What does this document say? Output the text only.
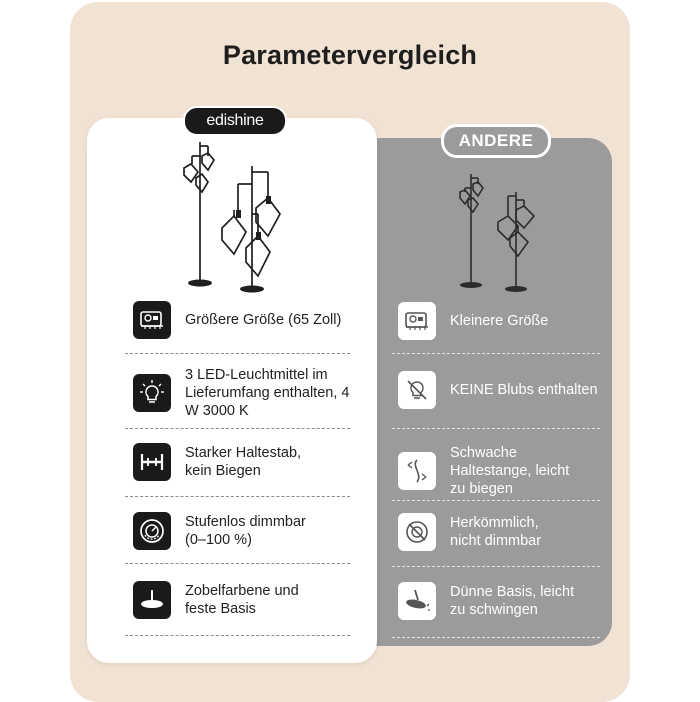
Parametervergleich
ANDERE
Kleinere Größe
KEINE Blubs enthalten
Schwache Haltestange, leicht zu biegen
Herkömmlich, nicht dimmbar
Dünne Basis, leicht zu schwingen
edishine
Größere Größe (65 Zoll)
3 LED-Leuchtmittel im Lieferumfang enthalten, 4 W 3000 K
Starker Haltestab, kein Biegen
Stufenlos dimmbar (0–100 %)
Zobelfarbene und feste Basis
